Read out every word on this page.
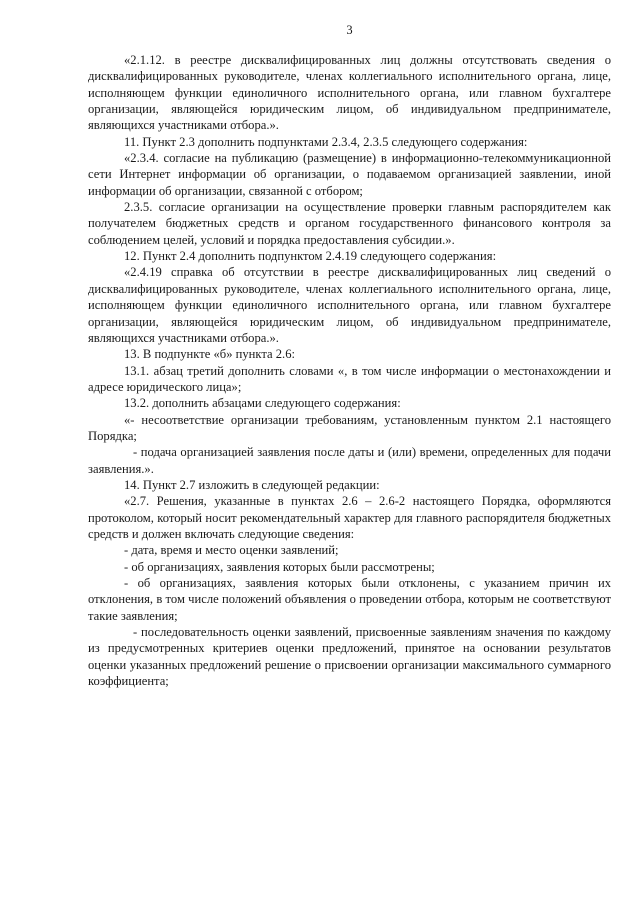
3

«2.1.12. в реестре дисквалифицированных лиц должны отсутствовать сведения о дисквалифицированных руководителе, членах коллегиального исполнительного органа, лице, исполняющем функции единоличного исполнительного органа, или главном бухгалтере организации, являющейся юридическим лицом, об индивидуальном предпринимателе, являющихся участниками отбора.».

11. Пункт 2.3 дополнить подпунктами 2.3.4, 2.3.5 следующего содержания:

«2.3.4. согласие на публикацию (размещение) в информационно-телекоммуникационной сети Интернет информации об организации, о подаваемом организацией заявлении, иной информации об организации, связанной с отбором;

2.3.5. согласие организации на осуществление проверки главным распорядителем как получателем бюджетных средств и органом государственного финансового контроля за соблюдением целей, условий и порядка предоставления субсидии.».

12. Пункт 2.4 дополнить подпунктом 2.4.19 следующего содержания:

«2.4.19 справка об отсутствии в реестре дисквалифицированных лиц сведений о дисквалифицированных руководителе, членах коллегиального исполнительного органа, лице, исполняющем функции единоличного исполнительного органа, или главном бухгалтере организации, являющейся юридическим лицом, об индивидуальном предпринимателе, являющихся участниками отбора.».

13. В подпункте «б» пункта 2.6:

13.1. абзац третий дополнить словами «, в том числе информации о местонахождении и адресе юридического лица»;

13.2. дополнить абзацами следующего содержания:

«- несоответствие организации требованиям, установленным пунктом 2.1 настоящего Порядка;

- подача организацией заявления после даты и (или) времени, определенных для подачи заявления.».

14. Пункт 2.7 изложить в следующей редакции:

«2.7. Решения, указанные в пунктах 2.6 – 2.6-2 настоящего Порядка, оформляются протоколом, который носит рекомендательный характер для главного распорядителя бюджетных средств и должен включать следующие сведения:

- дата, время и место оценки заявлений;

- об организациях, заявления которых были рассмотрены;

- об организациях, заявления которых были отклонены, с указанием причин их отклонения, в том числе положений объявления о проведении отбора, которым не соответствуют такие заявления;

- последовательность оценки заявлений, присвоенные заявлениям значения по каждому из предусмотренных критериев оценки предложений, принятое на основании результатов оценки указанных предложений решение о присвоении организации максимального суммарного коэффициента;
